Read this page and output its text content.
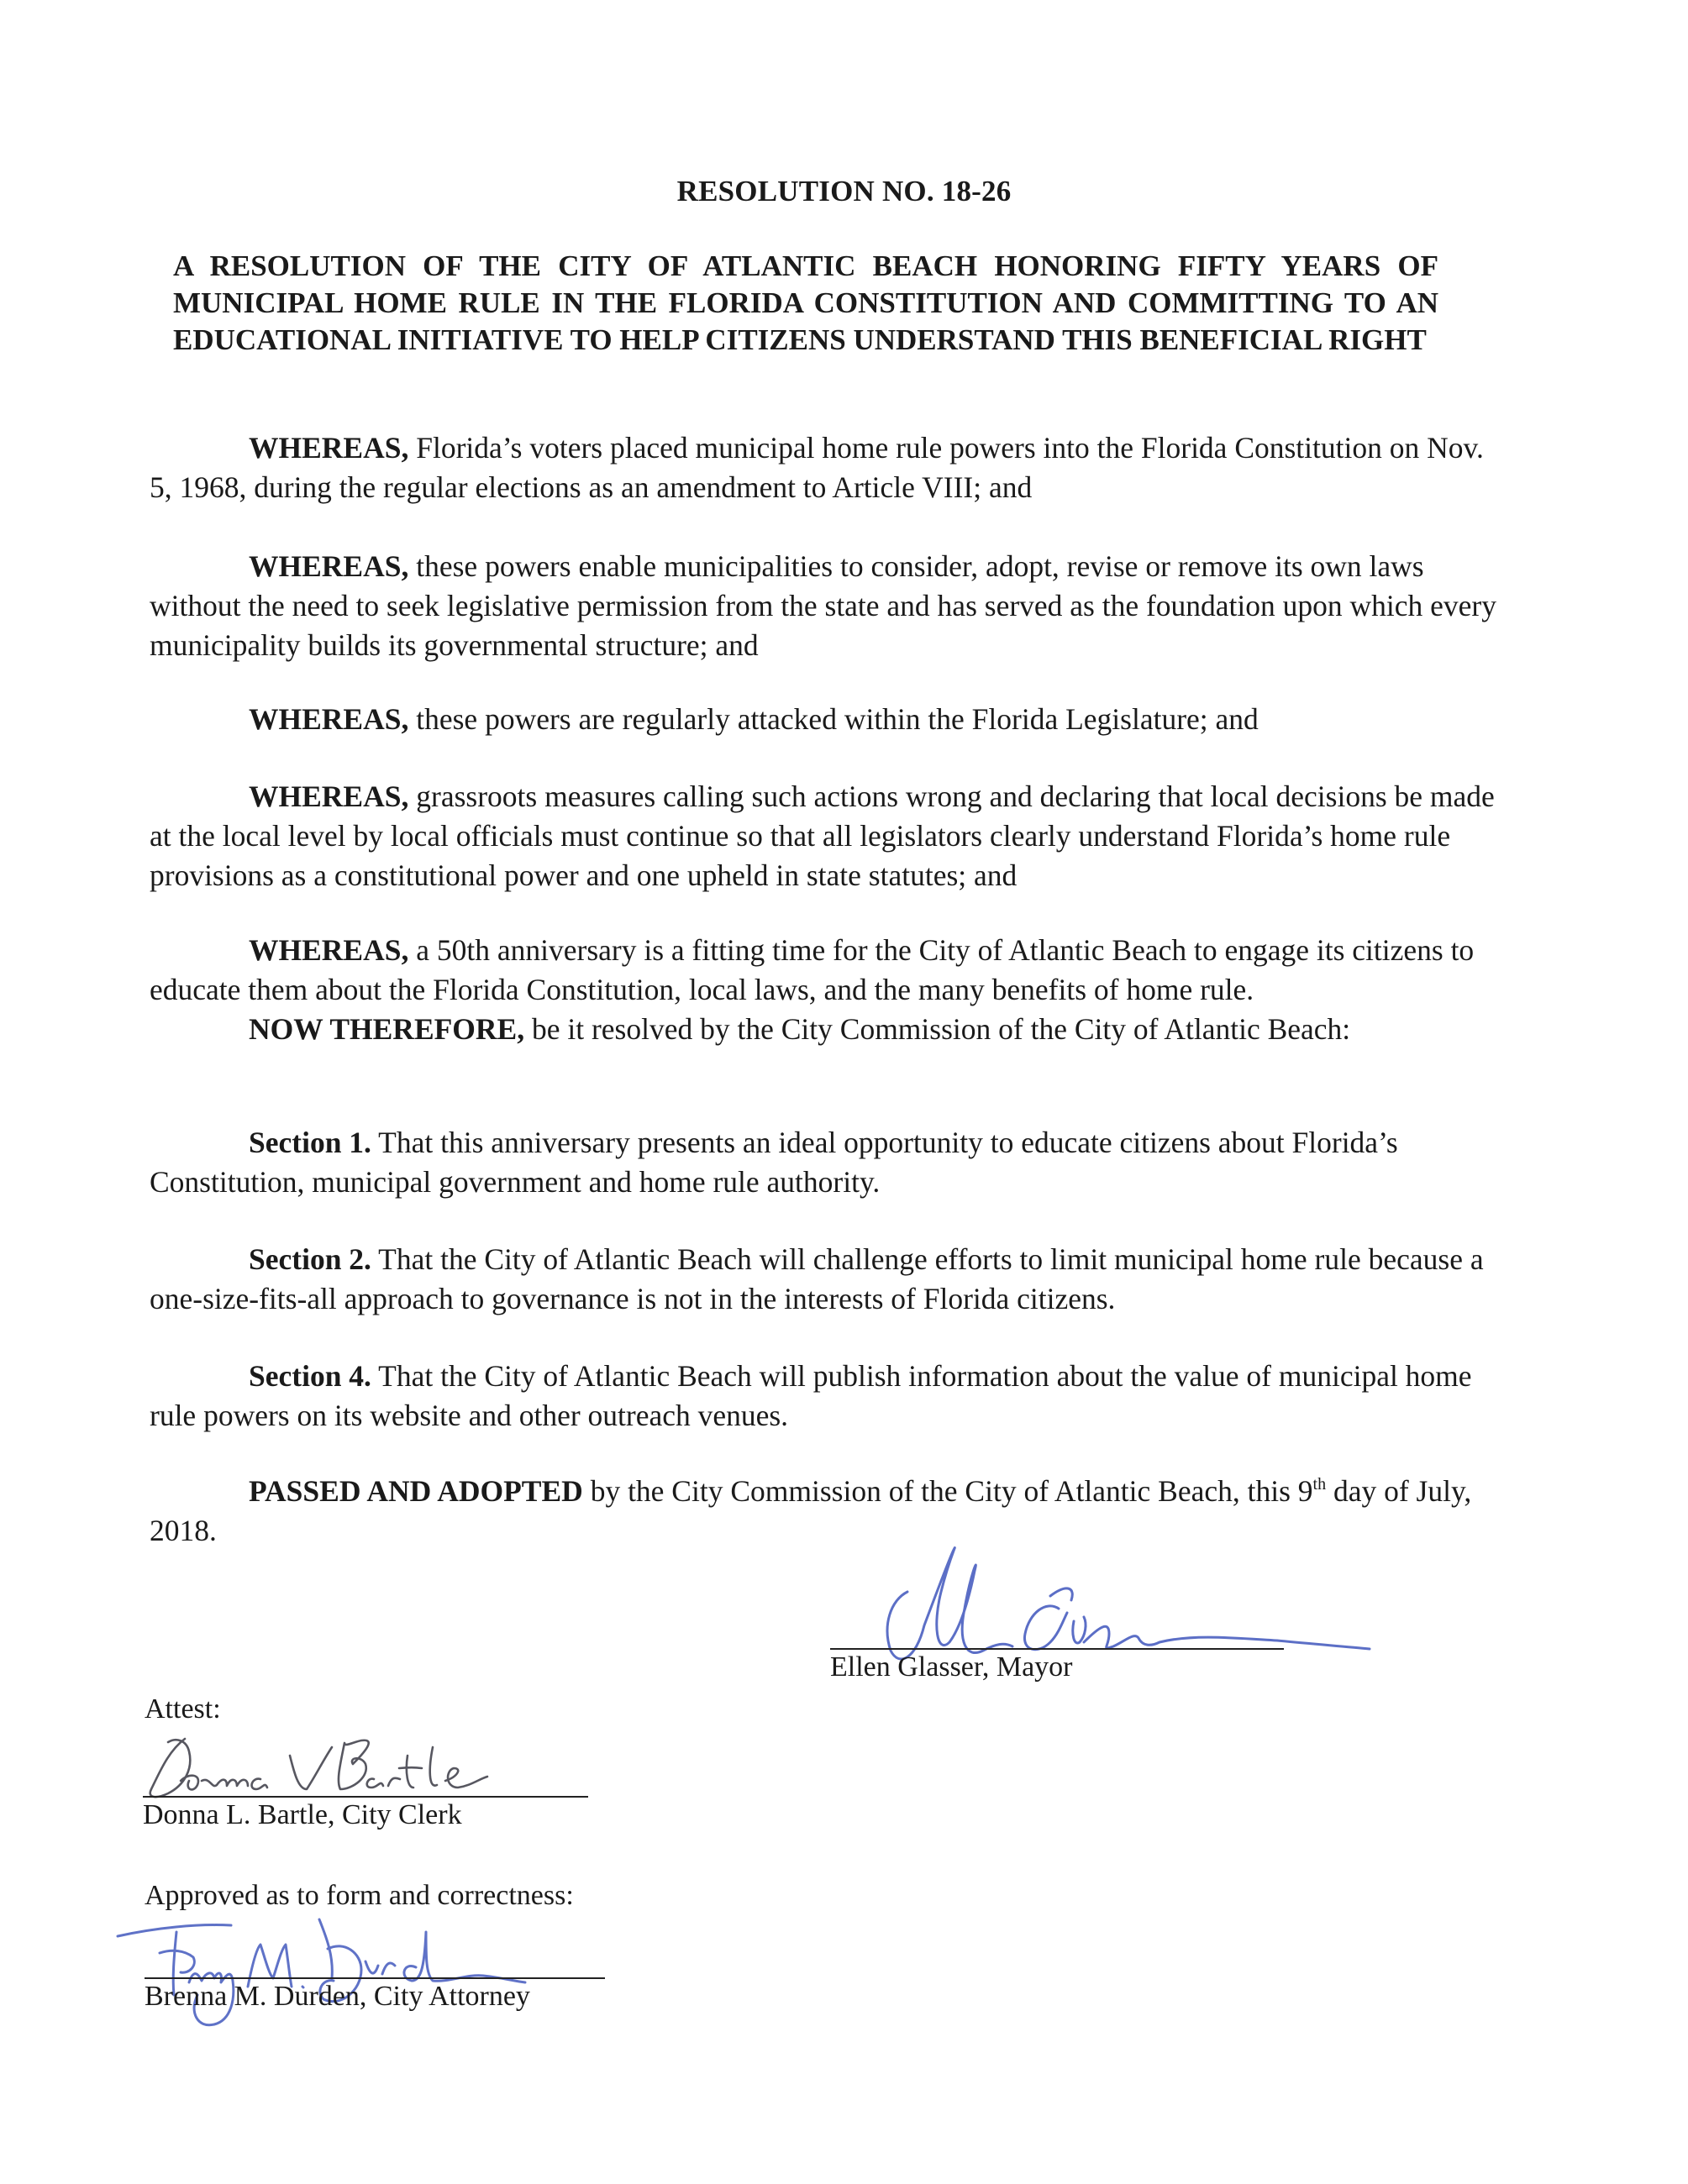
RESOLUTION NO. 18-26
A RESOLUTION OF THE CITY OF ATLANTIC BEACH HONORING FIFTY YEARS OF MUNICIPAL HOME RULE IN THE FLORIDA CONSTITUTION AND COMMITTING TO AN EDUCATIONAL INITIATIVE TO HELP CITIZENS UNDERSTAND THIS BENEFICIAL RIGHT
WHEREAS, Florida’s voters placed municipal home rule powers into the Florida Constitution on Nov. 5, 1968, during the regular elections as an amendment to Article VIII; and
WHEREAS, these powers enable municipalities to consider, adopt, revise or remove its own laws without the need to seek legislative permission from the state and has served as the foundation upon which every municipality builds its governmental structure; and
WHEREAS, these powers are regularly attacked within the Florida Legislature; and
WHEREAS, grassroots measures calling such actions wrong and declaring that local decisions be made at the local level by local officials must continue so that all legislators clearly understand Florida’s home rule provisions as a constitutional power and one upheld in state statutes; and
WHEREAS, a 50th anniversary is a fitting time for the City of Atlantic Beach to engage its citizens to educate them about the Florida Constitution, local laws, and the many benefits of home rule.
NOW THEREFORE, be it resolved by the City Commission of the City of Atlantic Beach:
Section 1. That this anniversary presents an ideal opportunity to educate citizens about Florida’s Constitution, municipal government and home rule authority.
Section 2. That the City of Atlantic Beach will challenge efforts to limit municipal home rule because a one-size-fits-all approach to governance is not in the interests of Florida citizens.
Section 4. That the City of Atlantic Beach will publish information about the value of municipal home rule powers on its website and other outreach venues.
PASSED AND ADOPTED by the City Commission of the City of Atlantic Beach, this 9th day of July,
2018.
Ellen Glasser, Mayor
Attest:
Donna L. Bartle, City Clerk
Approved as to form and correctness:
Brenna M. Durden, City Attorney
